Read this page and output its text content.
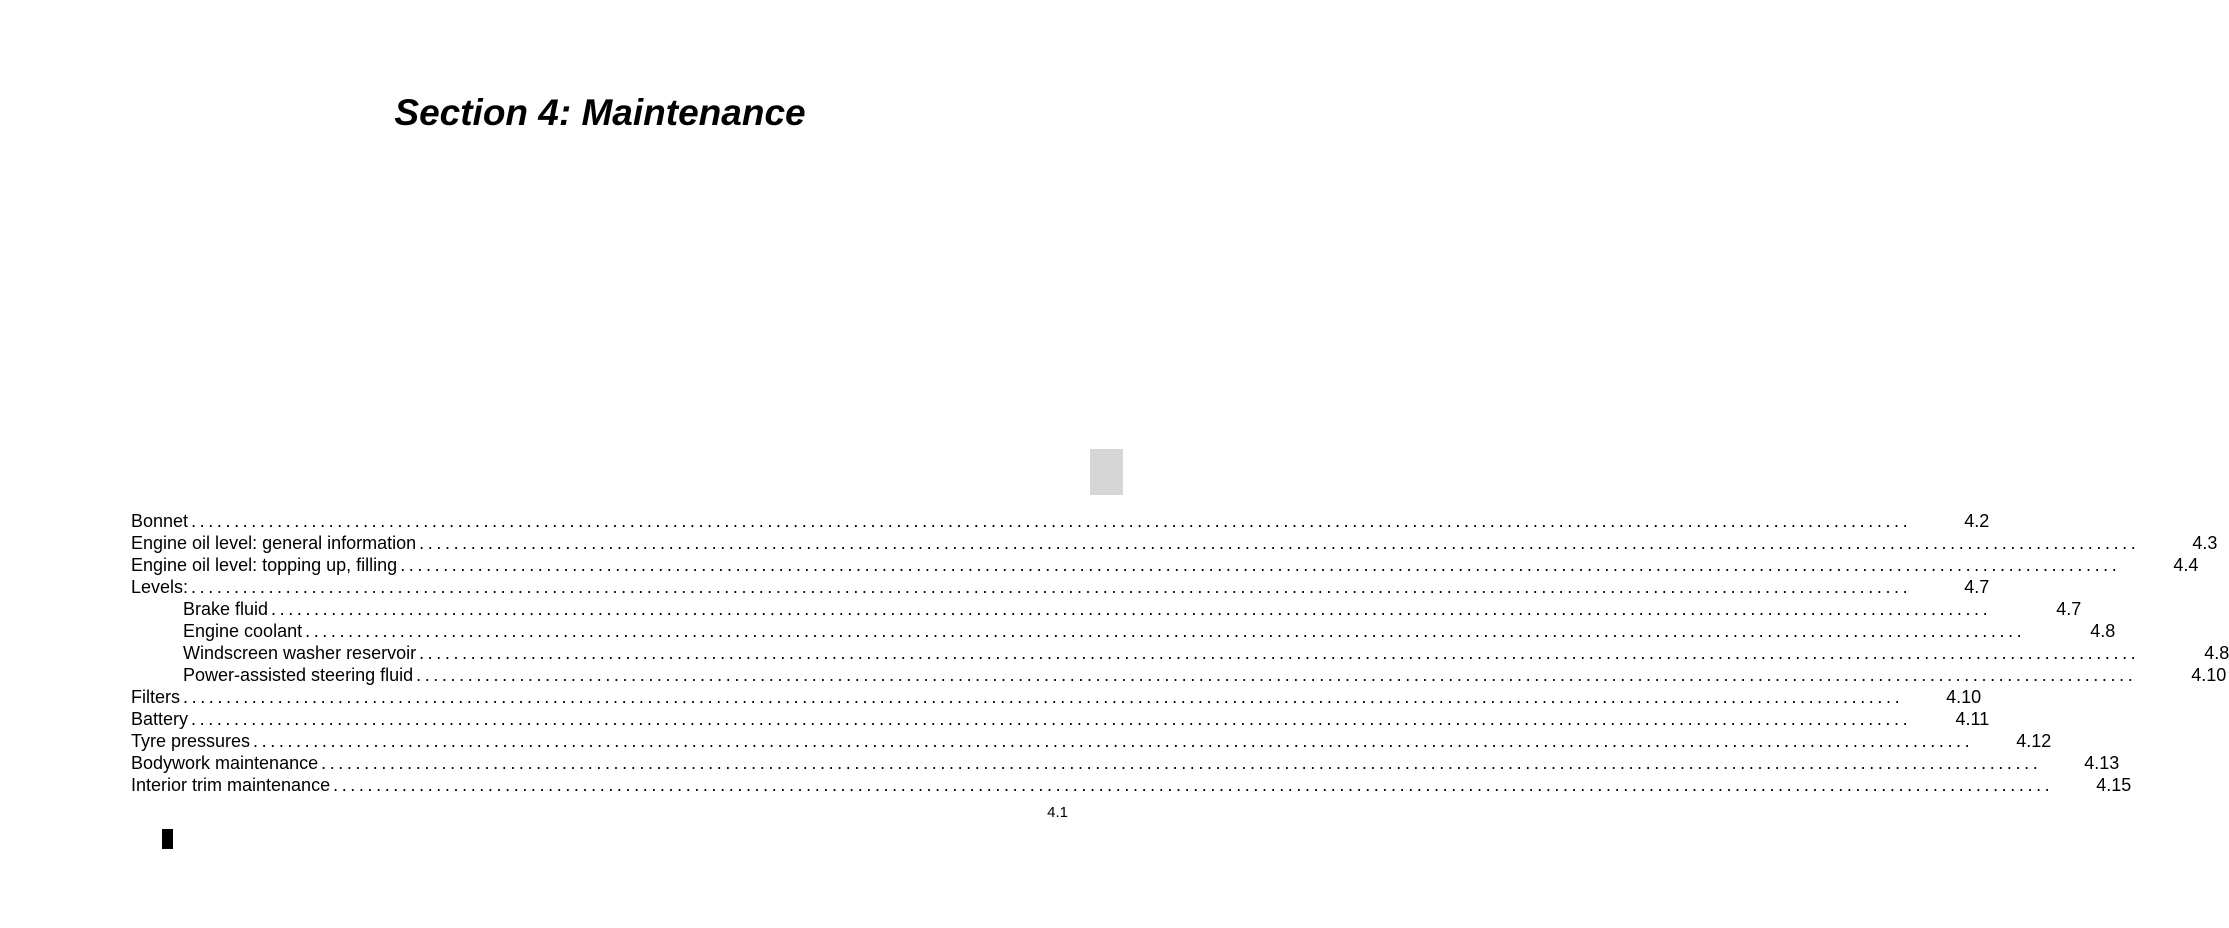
Section 4: Maintenance
Bonnet ........................................................................................................................................................................................................	4.2
Engine oil level: general information ........................................................................................................................................................................................................	4.3
Engine oil level: topping up, filling ........................................................................................................................................................................................................	4.4
Levels: ........................................................................................................................................................................................................	4.7
Brake fluid ........................................................................................................................................................................................................	4.7
Engine coolant ........................................................................................................................................................................................................	4.8
Windscreen washer reservoir ........................................................................................................................................................................................................	4.8
Power-assisted steering fluid ........................................................................................................................................................................................................	4.10
Filters ........................................................................................................................................................................................................ 4.10
Battery ........................................................................................................................................................................................................	4.11
Tyre pressures ........................................................................................................................................................................................................ 4.12
Bodywork maintenance ........................................................................................................................................................................................................ 4.13
Interior trim maintenance ........................................................................................................................................................................................................ 4.15
4.1
